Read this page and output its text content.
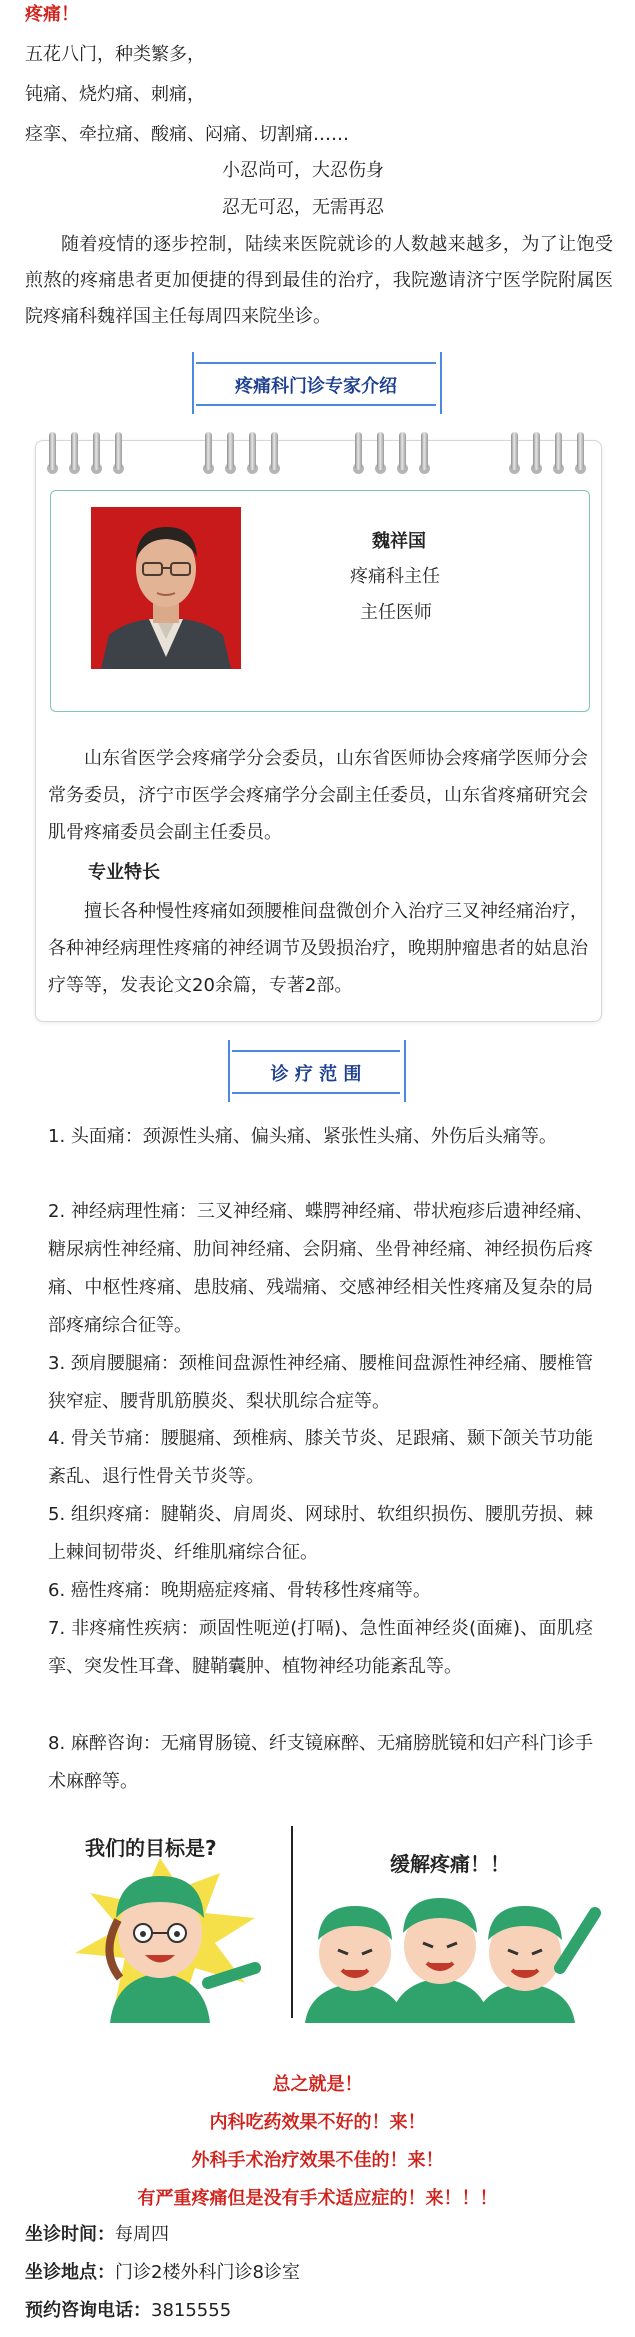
疼痛！
五花八门，种类繁多，
钝痛、烧灼痛、刺痛，
痉挛、牵拉痛、酸痛、闷痛、切割痛……
小忍尚可，大忍伤身
忍无可忍，无需再忍

随着疫情的逐步控制，陆续来医院就诊的人数越来越多，为了让饱受煎熬的疼痛患者更加便捷的得到最佳的治疗，我院邀请济宁医学院附属医院疼痛科魏祥国主任每周四来院坐诊。

疼痛科门诊专家介绍
魏祥国
疼痛科主任
主任医师

山东省医学会疼痛学分会委员，山东省医师协会疼痛学医师分会常务委员，济宁市医学会疼痛学分会副主任委员，山东省疼痛研究会肌骨疼痛委员会副主任委员。

专业特长

擅长各种慢性疼痛如颈腰椎间盘微创介入治疗三叉神经痛治疗，各种神经病理性疼痛的神经调节及毁损治疗，晚期肿瘤患者的姑息治疗等等，发表论文20余篇，专著2部。

诊 疗 范 围
1. 头面痛：颈源性头痛、偏头痛、紧张性头痛、外伤后头痛等。
2. 神经病理性痛：三叉神经痛、蝶腭神经痛、带状疱疹后遗神经痛、糖尿病性神经痛、肋间神经痛、会阴痛、坐骨神经痛、神经损伤后疼痛、中枢性疼痛、患肢痛、残端痛、交感神经相关性疼痛及复杂的局部疼痛综合征等。
3. 颈肩腰腿痛：颈椎间盘源性神经痛、腰椎间盘源性神经痛、腰椎管狭窄症、腰背肌筋膜炎、梨状肌综合症等。
4. 骨关节痛：腰腿痛、颈椎病、膝关节炎、足跟痛、颞下颌关节功能紊乱、退行性骨关节炎等。
5. 组织疼痛：腱鞘炎、肩周炎、网球肘、软组织损伤、腰肌劳损、棘上棘间韧带炎、纤维肌痛综合征。
6. 癌性疼痛：晚期癌症疼痛、骨转移性疼痛等。
7. 非疼痛性疾病：顽固性呃逆(打嗝)、急性面神经炎(面瘫)、面肌痉挛、突发性耳聋、腱鞘囊肿、植物神经功能紊乱等。
8. 麻醉咨询：无痛胃肠镜、纤支镜麻醉、无痛膀胱镜和妇产科门诊手术麻醉等。
我们的目标是?
缓解疼痛！！
总之就是！
内科吃药效果不好的！来！
外科手术治疗效果不佳的！来！
有严重疼痛但是没有手术适应症的！来！！！
坐诊时间：每周四
坐诊地点：门诊2楼外科门诊8诊室
预约咨询电话：3815555
